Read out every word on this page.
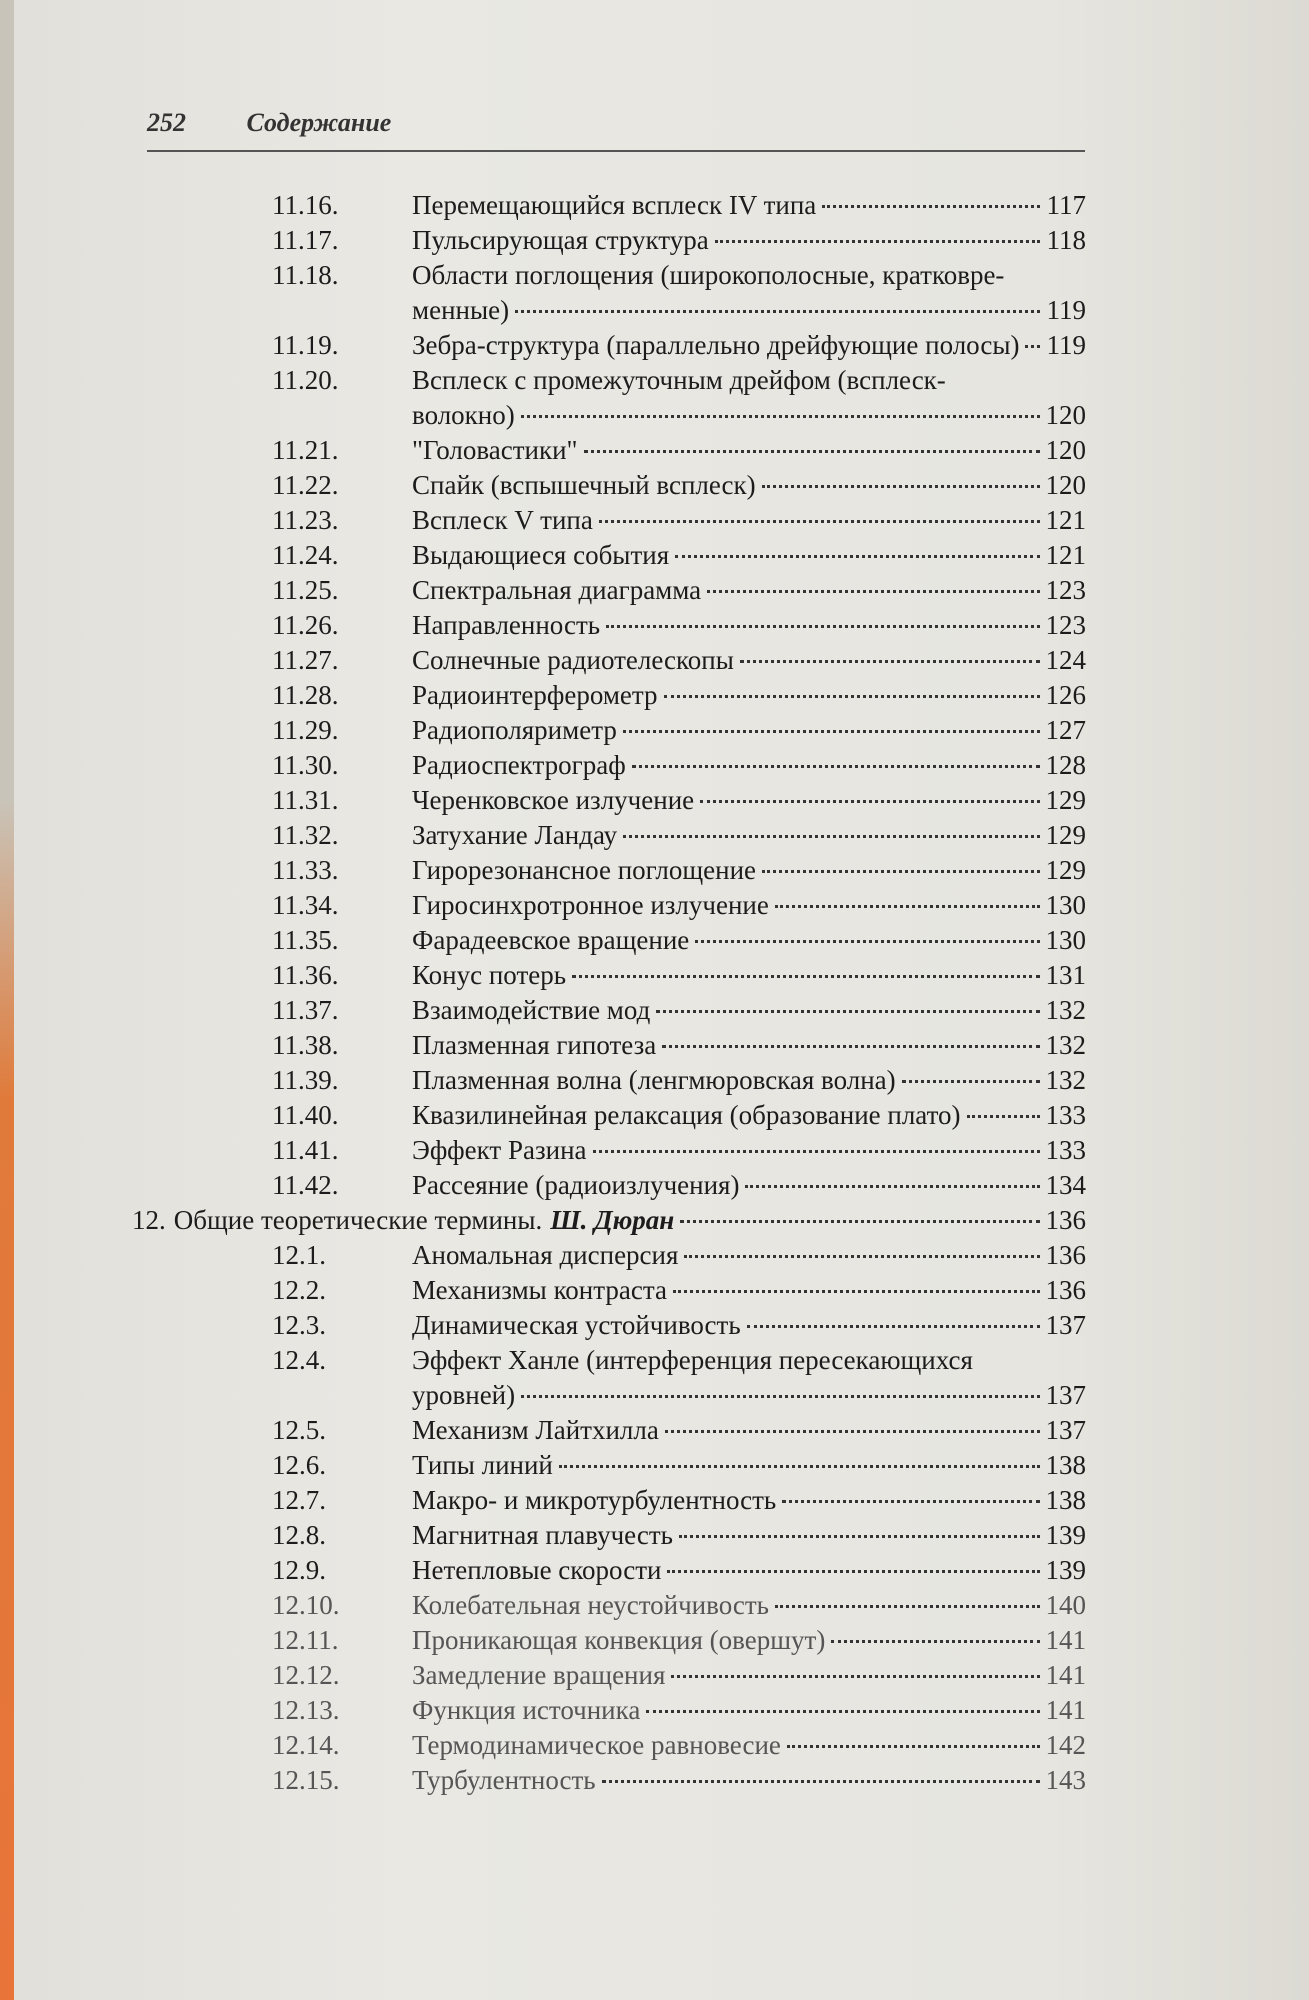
252 Содержание
11.16.	Перемещающийся всплеск IV типа	117
11.17.	Пульсирующая структура	118
11.18.	Области поглощения (широкополосные, кратковре-
менные)	119
11.19.	Зебра-структура (параллельно дрейфующие полосы) 119
11.20.	Всплеск с промежуточным дрейфом (всплеск-
волокно)	120
11.21.	"Головастики"	120
11.22.	Спайк (вспышечный всплеск)	120
11.23.	Всплеск V типа	121
11.24.	Выдающиеся события	121
11.25.	Спектральная диаграмма	123
11.26.	Направленность	123
11.27.	Солнечные радиотелескопы	124
11.28.	Радиоинтерферометр	126
11.29.	Радиополяриметр	127
11.30.	Радиоспектрограф	128
11.31.	Черенковское излучение	129
11.32.	Затухание Ландау	129
11.33.	Гирорезонансное поглощение	129
11.34.	Гиросинхротронное излучение	130
11.35.	Фарадеевское вращение	130
11.36.	Конус потерь	131
11.37.	Взаимодействие мод	132
11.38.	Плазменная гипотеза	132
11.39.	Плазменная волна (ленгмюровская волна)	132
11.40.	Квазилинейная релаксация (образование плато)	133
11.41.	Эффект Разина	133
11.42.	Рассеяние (радиоизлучения)	134
12. Общие теоретические термины. Ш. Дюран	136
12.1.	Аномальная дисперсия	136
12.2.	Механизмы контраста	136
12.3.	Динамическая устойчивость	137
12.4.	Эффект Ханле (интерференция пересекающихся
уровней)	137
12.5.	Механизм Лайтхилла	137
12.6.	Типы линий	138
12.7.	Макро- и микротурбулентность	138
12.8.	Магнитная плавучесть	139
12.9.	Нетепловые скорости	139
12.10.	Колебательная неустойчивость	140
12.11.	Проникающая конвекция (овершут)	141
12.12.	Замедление вращения	141
12.13.	Функция источника	141
12.14.	Термодинамическое равновесие	142
12.15.	Турбулентность	143
